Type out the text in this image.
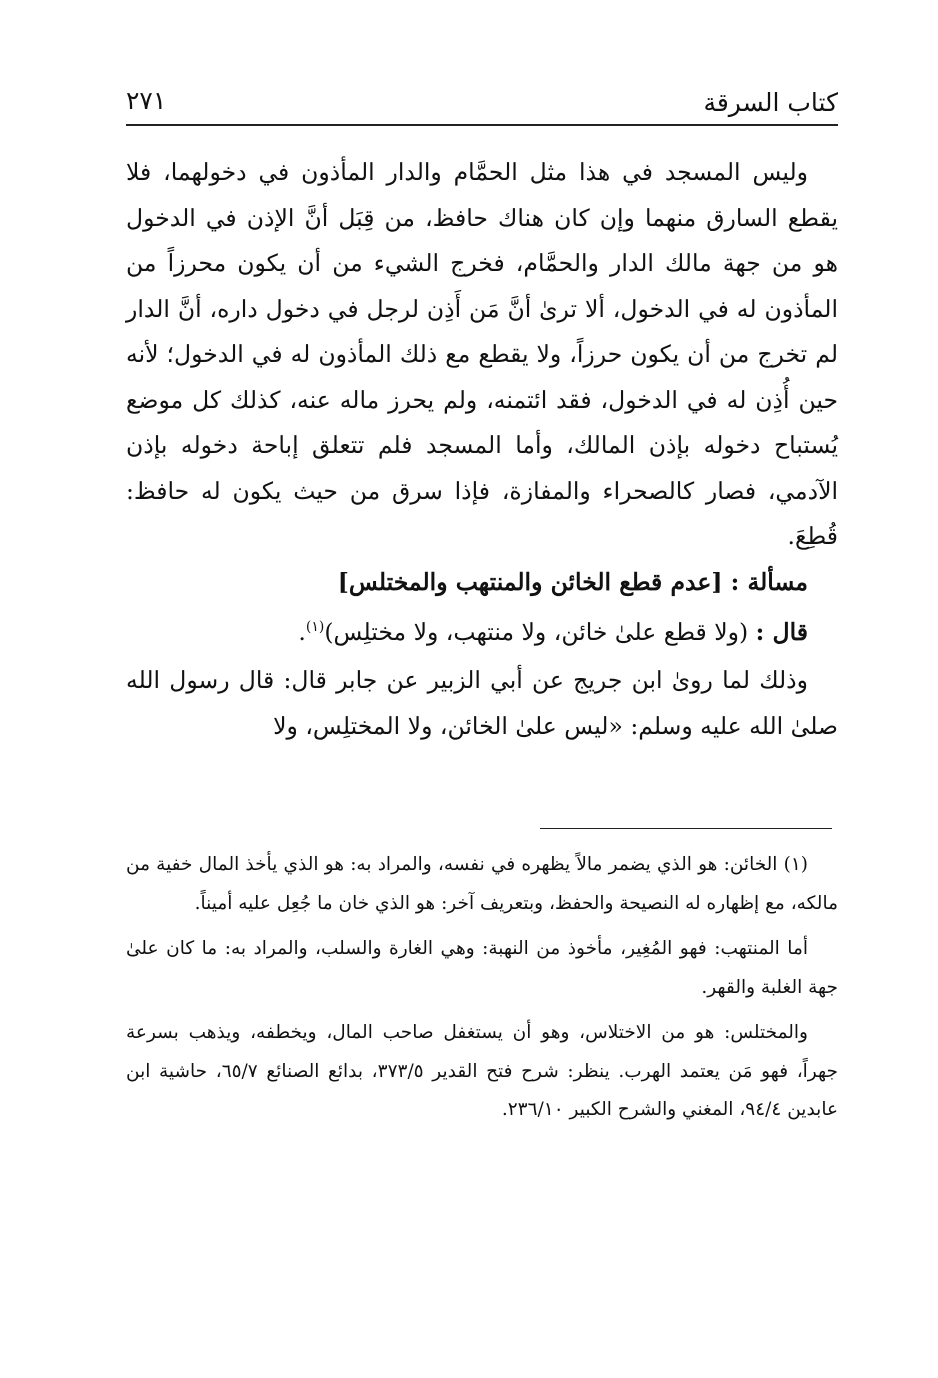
كتاب السرقة
٢٧١

وليس المسجد في هذا مثل الحمَّام والدار المأذون في دخولهما، فلا يقطع السارق منهما وإن كان هناك حافظ، من قِبَل أنَّ الإذن في الدخول هو من جهة مالك الدار والحمَّام، فخرج الشيء من أن يكون محرزاً من المأذون له في الدخول، ألا ترىٰ أنَّ مَن أَذِن لرجل في دخول داره، أنَّ الدار لم تخرج من أن يكون حرزاً، ولا يقطع مع ذلك المأذون له في الدخول؛ لأنه حين أُذِن له في الدخول، فقد ائتمنه، ولم يحرز ماله عنه، كذلك كل موضع يُستباح دخوله بإذن المالك، وأما المسجد فلم تتعلق إباحة دخوله بإذن الآدمي، فصار كالصحراء والمفازة، فإذا سرق من حيث يكون له حافظ: قُطِعَ.

مسألة : [عدم قطع الخائن والمنتهب والمختلس]

قال : (ولا قطع علىٰ خائن، ولا منتهب، ولا مختلِس)$^{(١)}$.

وذلك لما روىٰ ابن جريج عن أبي الزبير عن جابر قال: قال رسول الله صلىٰ الله عليه وسلم: «ليس علىٰ الخائن، ولا المختلِس، ولا

(١) الخائن: هو الذي يضمر مالاً يظهره في نفسه، والمراد به: هو الذي يأخذ المال خفية من مالكه، مع إظهاره له النصيحة والحفظ، وبتعريف آخر: هو الذي خان ما جُعِل عليه أميناً.

أما المنتهب: فهو المُغِير، مأخوذ من النهبة: وهي الغارة والسلب، والمراد به: ما كان علىٰ جهة الغلبة والقهر.

والمختلس: هو من الاختلاس، وهو أن يستغفل صاحب المال، ويخطفه، ويذهب بسرعة جهراً، فهو مَن يعتمد الهرب. ينظر: شرح فتح القدير ٣٧٣/٥، بدائع الصنائع ٦٥/٧، حاشية ابن عابدين ٩٤/٤، المغني والشرح الكبير ٢٣٦/١٠.
